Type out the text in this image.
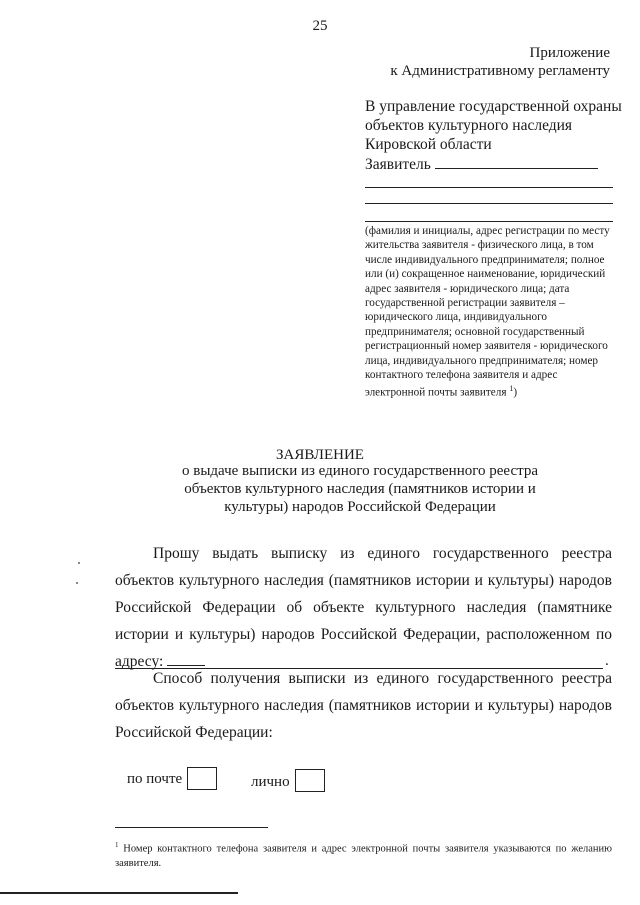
25
Приложение
к Административному регламенту
В управление государственной охраны
объектов культурного наследия
Кировской области
Заявитель
(фамилия и инициалы, адрес регистрации по месту жительства заявителя - физического лица, в том числе индивидуального предпринимателя; полное или (и) сокращенное наименование, юридический адрес заявителя - юридического лица; дата государственной регистрации заявителя – юридического лица, индивидуального предпринимателя; основной государственный регистрационный номер заявителя - юридического лица, индивидуального предпринимателя; номер контактного телефона заявителя и адрес электронной почты заявителя $^1$)
ЗАЯВЛЕНИЕ
о выдаче выписки из единого государственного реестра объектов культурного наследия (памятников истории и культуры) народов Российской Федерации
Прошу выдать выписку из единого государственного реестра объектов культурного наследия (памятников истории и культуры) народов Российской Федерации об объекте культурного наследия (памятнике истории и культуры) народов Российской Федерации, расположенном по адресу:	.
Способ получения выписки из единого государственного реестра объектов культурного наследия (памятников истории и культуры) народов Российской Федерации:
по почте	лично
$^1$ Номер контактного телефона заявителя и адрес электронной почты заявителя указываются по желанию заявителя.
